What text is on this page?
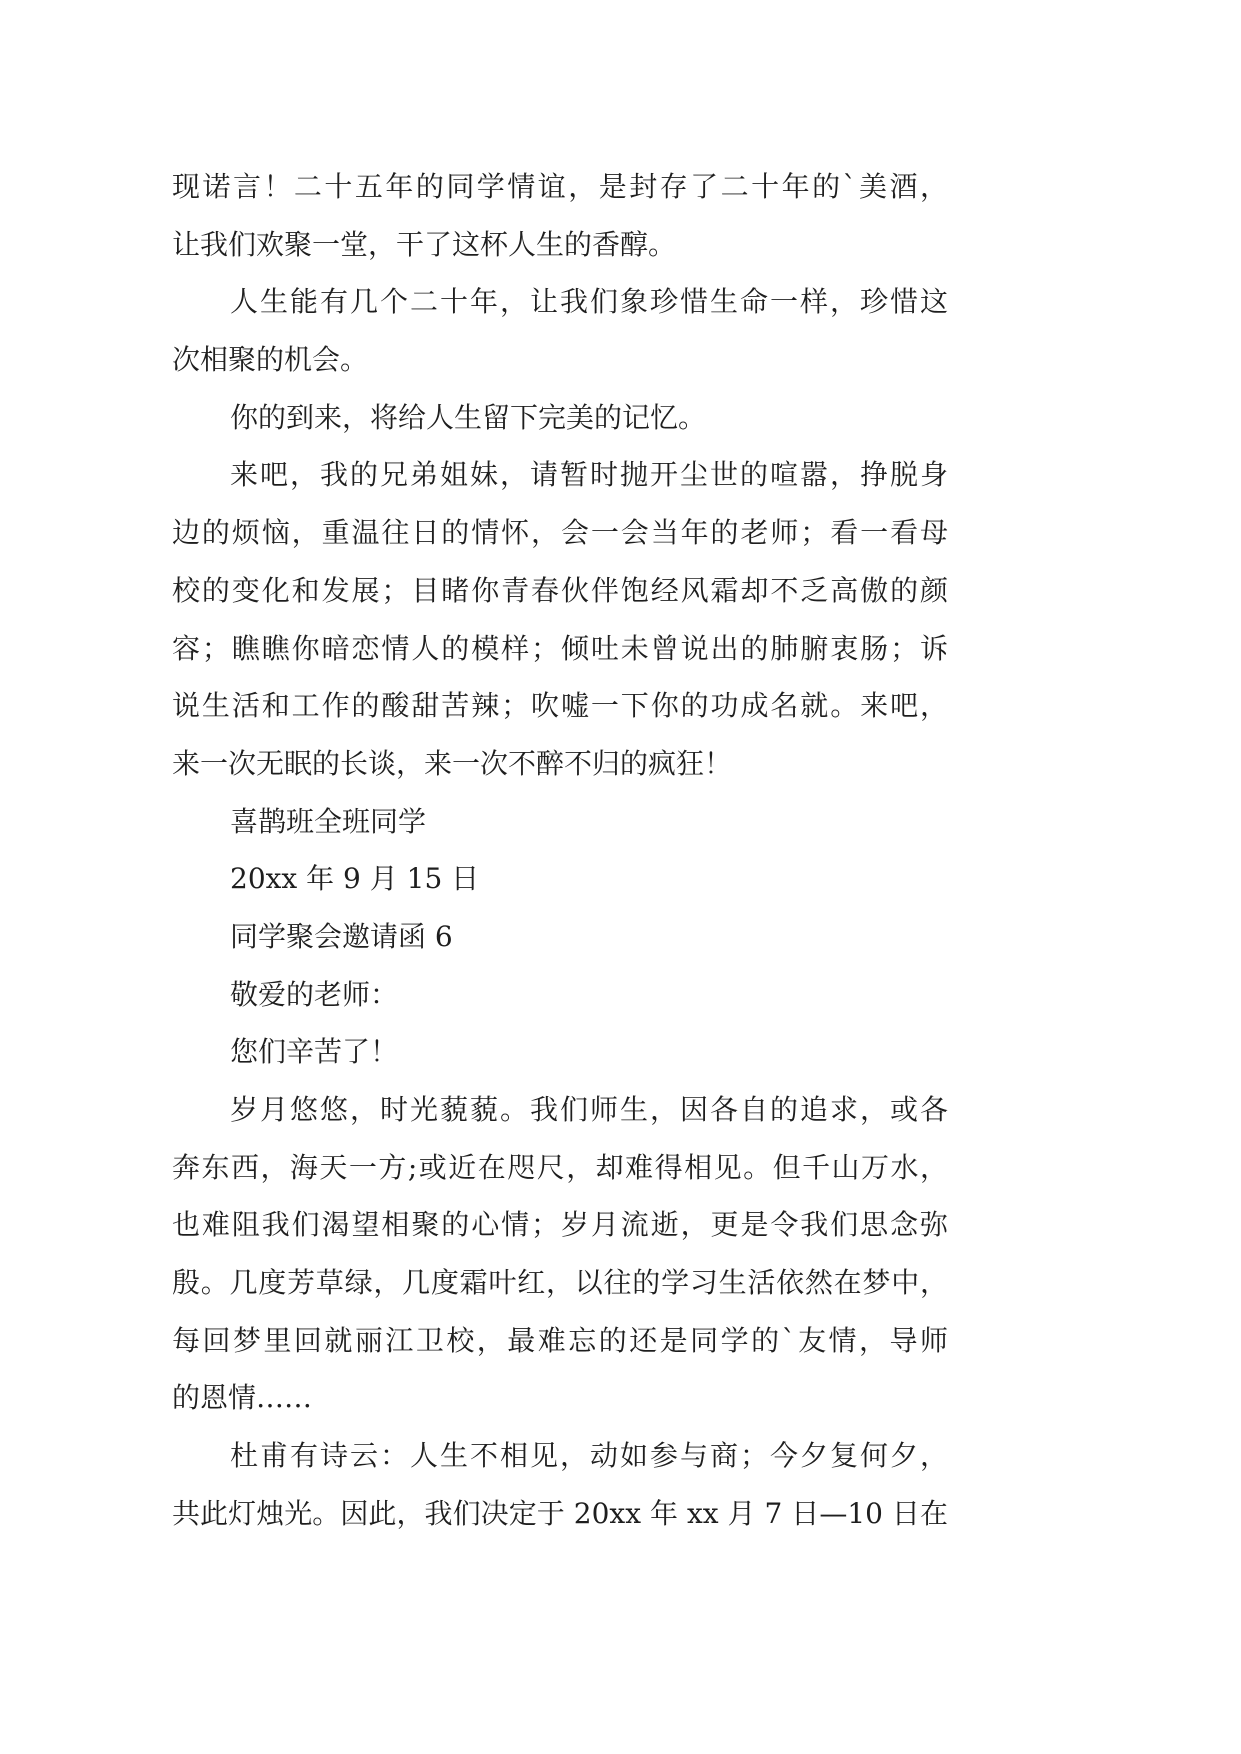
现诺言！二十五年的同学情谊，是封存了二十年的`美酒，
让我们欢聚一堂，干了这杯人生的香醇。
人生能有几个二十年，让我们象珍惜生命一样，珍惜这
次相聚的机会。
你的到来，将给人生留下完美的记忆。
来吧，我的兄弟姐妹，请暂时抛开尘世的喧嚣，挣脱身
边的烦恼，重温往日的情怀，会一会当年的老师；看一看母
校的变化和发展；目睹你青春伙伴饱经风霜却不乏高傲的颜
容；瞧瞧你暗恋情人的模样；倾吐未曾说出的肺腑衷肠；诉
说生活和工作的酸甜苦辣；吹嘘一下你的功成名就。来吧，
来一次无眠的长谈，来一次不醉不归的疯狂！
喜鹊班全班同学
20xx 年 9 月 15 日
同学聚会邀请函 6
敬爱的老师：
您们辛苦了！
岁月悠悠，时光藐藐。我们师生，因各自的追求，或各
奔东西，海天一方;或近在咫尺，却难得相见。但千山万水，
也难阻我们渴望相聚的心情；岁月流逝，更是令我们思念弥
殷。几度芳草绿，几度霜叶红，以往的学习生活依然在梦中，
每回梦里回就丽江卫校，最难忘的还是同学的`友情，导师
的恩情……
杜甫有诗云：人生不相见，动如参与商；今夕复何夕，
共此灯烛光。因此，我们决定于 20xx 年 xx 月 7 日—10 日在
